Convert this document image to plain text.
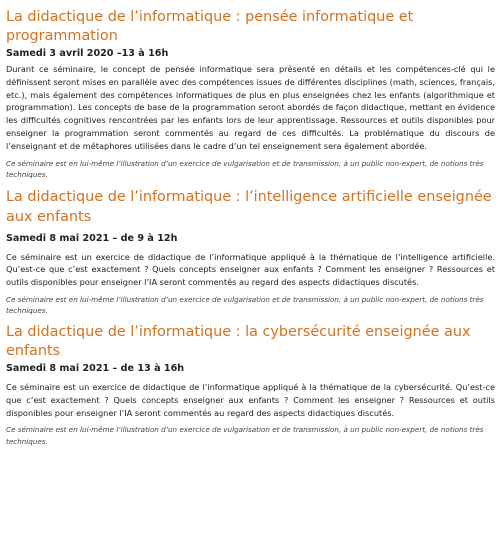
La didactique de l’informatique : pensée informatique et programmation
Samedi 3 avril 2020 –13 à 16h

Durant ce séminaire, le concept de pensée informatique sera présenté en détails et les compétences-clé qui le définissent seront mises en parallèle avec des compétences issues de différentes disciplines (math, sciences, français, etc.), mais également des compétences informatiques de plus en plus enseignées chez les enfants (algorithmique et programmation). Les concepts de base de la programmation seront abordés de façon didactique, mettant en évidence les difficultés cognitives rencontrées par les enfants lors de leur apprentissage. Ressources et outils disponibles pour enseigner la programmation seront commentés au regard de ces difficultés. La problématique du discours de l’enseignant et de métaphores utilisées dans le cadre d’un tel enseignement sera également abordée.

Ce séminaire est en lui-même l’illustration d’un exercice de vulgarisation et de transmission, à un public non-expert, de notions très techniques.

La didactique de l’informatique : l’intelligence artificielle enseignée aux enfants
Samedi 8 mai 2021 – de 9 à 12h

Ce séminaire est un exercice de didactique de l’informatique appliqué à la thématique de l’intelligence artificielle. Qu’est-ce que c’est exactement ? Quels concepts enseigner aux enfants ? Comment les enseigner ? Ressources et outils disponibles pour enseigner l’IA seront commentés au regard des aspects didactiques discutés.

Ce séminaire est en lui-même l’illustration d’un exercice de vulgarisation et de transmission, à un public non-expert, de notions très techniques.

La didactique de l’informatique : la cybersécurité enseignée aux enfants
Samedi 8 mai 2021 – de 13 à 16h

Ce séminaire est un exercice de didactique de l’informatique appliqué à la thématique de la cybersécurité. Qu’est-ce que c’est exactement ? Quels concepts enseigner aux enfants ? Comment les enseigner ? Ressources et outils disponibles pour enseigner l’IA seront commentés au regard des aspects didactiques discutés.

Ce séminaire est en lui-même l’illustration d’un exercice de vulgarisation et de transmission, à un public non-expert, de notions très techniques.
